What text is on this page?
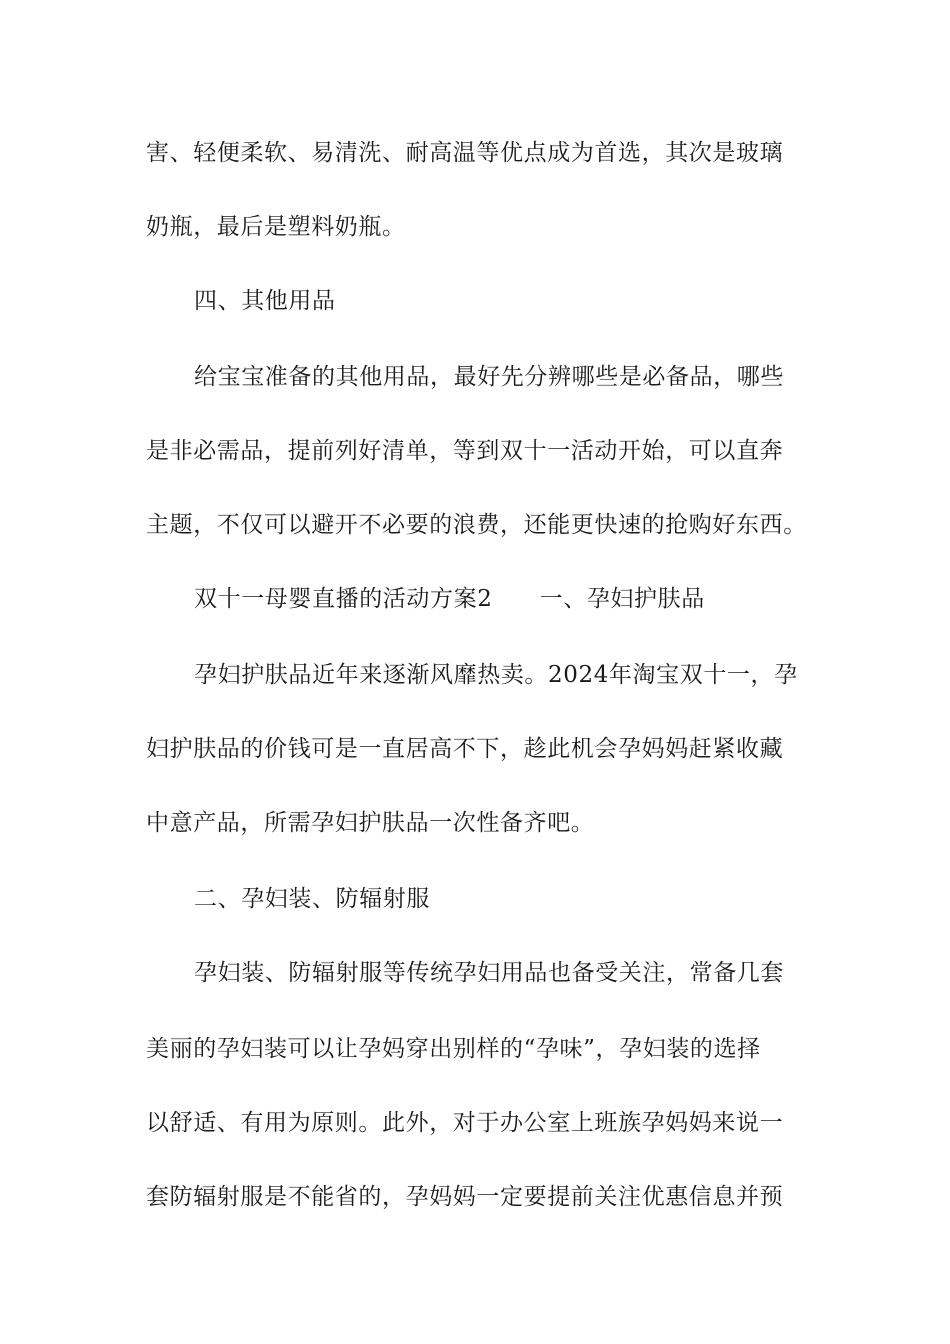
害、轻便柔软、易清洗、耐高温等优点成为首选，其次是玻璃
奶瓶，最后是塑料奶瓶。
四、其他用品
给宝宝准备的其他用品，最好先分辨哪些是必备品，哪些
是非必需品，提前列好清单，等到双十一活动开始，可以直奔
主题，不仅可以避开不必要的浪费，还能更快速的抢购好东西。
双十一母婴直播的活动方案2　　一、孕妇护肤品
孕妇护肤品近年来逐渐风靡热卖。2024年淘宝双十一，孕
妇护肤品的价钱可是一直居高不下，趁此机会孕妈妈赶紧收藏
中意产品，所需孕妇护肤品一次性备齐吧。
二、孕妇装、防辐射服
孕妇装、防辐射服等传统孕妇用品也备受关注，常备几套
美丽的孕妇装可以让孕妈穿出别样的“孕味”，孕妇装的选择
以舒适、有用为原则。此外，对于办公室上班族孕妈妈来说一
套防辐射服是不能省的，孕妈妈一定要提前关注优惠信息并预
